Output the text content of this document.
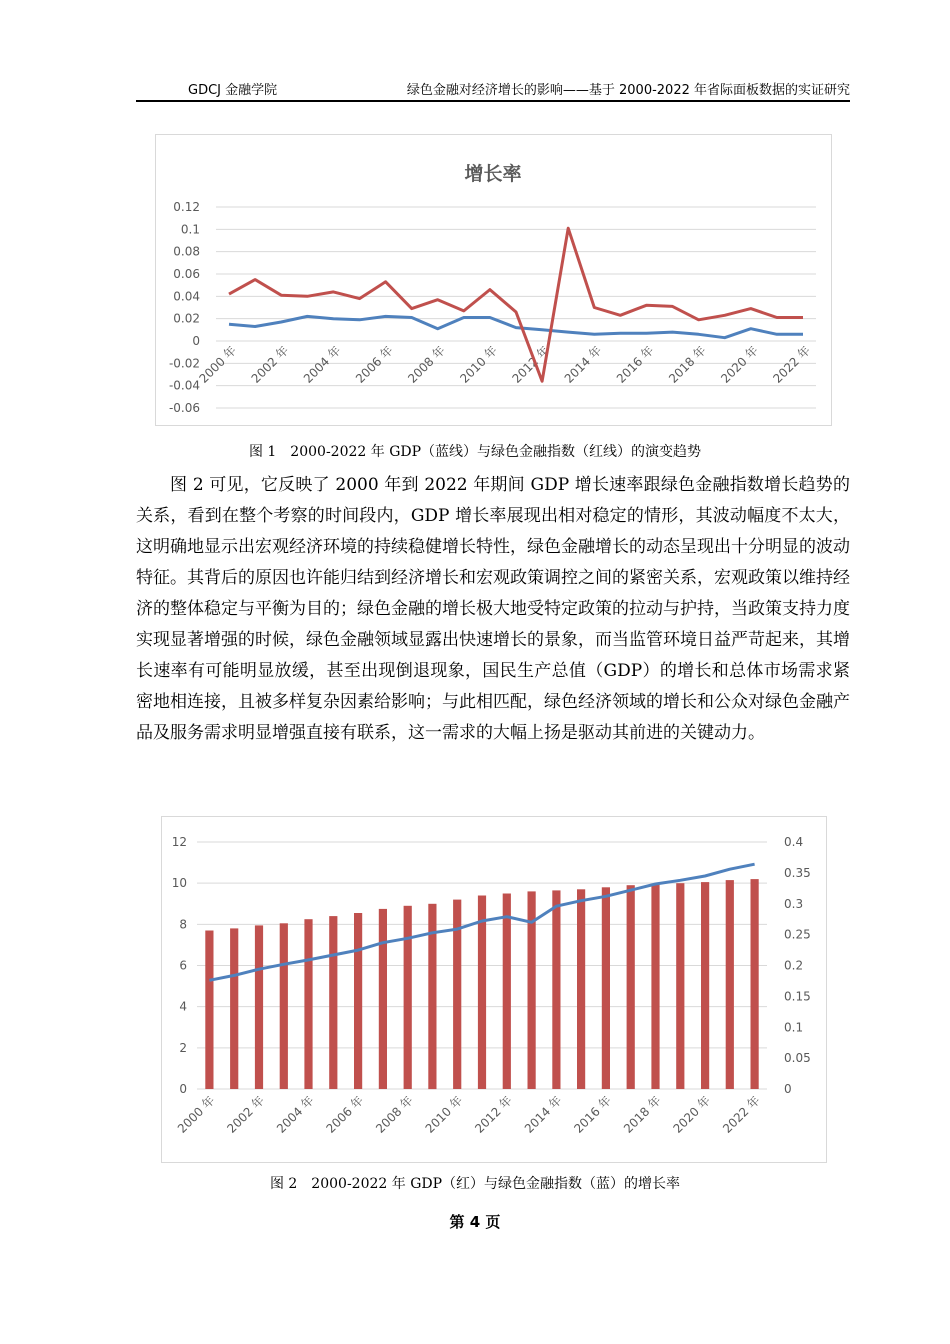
GDCJ 金融学院	绿色金融对经济增长的影响——基于 2000-2022 年省际面板数据的实证研究
增长率
0.12
0.1
0.08
0.06
0.04
0.02
0
-0.02
-0.04
-0.06
2000 年 2002 年 2004 年 2006 年 2008 年 2010 年 2012 年 2014 年 2016 年 2018 年 2020 年 2022 年
图 1　2000-2022 年 GDP（蓝线）与绿色金融指数（红线）的演变趋势

图 2 可见，它反映了 2000 年到 2022 年期间 GDP 增长速率跟绿色金融指数增长趋势的关系，看到在整个考察的时间段内，GDP 增长率展现出相对稳定的情形，其波动幅度不太大，这明确地显示出宏观经济环境的持续稳健增长特性，绿色金融增长的动态呈现出十分明显的波动特征。其背后的原因也许能归结到经济增长和宏观政策调控之间的紧密关系，宏观政策以维持经济的整体稳定与平衡为目的；绿色金融的增长极大地受特定政策的拉动与护持，当政策支持力度实现显著增强的时候，绿色金融领域显露出快速增长的景象，而当监管环境日益严苛起来，其增长速率有可能明显放缓，甚至出现倒退现象，国民生产总值（GDP）的增长和总体市场需求紧密地相连接，且被多样复杂因素给影响；与此相匹配，绿色经济领域的增长和公众对绿色金融产品及服务需求明显增强直接有联系，这一需求的大幅上扬是驱动其前进的关键动力。

12
10
8
6
4
2
0
0.4
0.35
0.3
0.25
0.2
0.15
0.1
0.05
0
2000 年 2002 年 2004 年 2006 年 2008 年 2010 年 2012 年 2014 年 2016 年 2018 年 2020 年 2022 年
图 2　2000-2022 年 GDP（红）与绿色金融指数（蓝）的增长率
第 4 页
